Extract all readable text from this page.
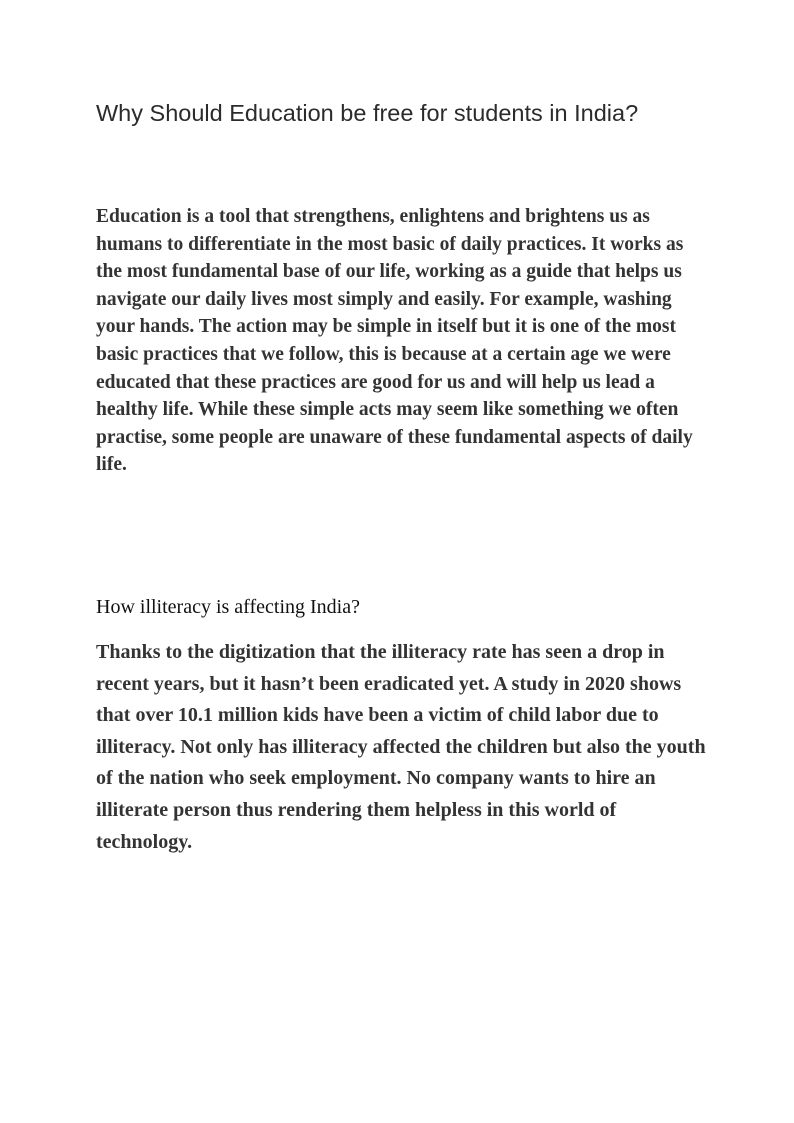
Why Should Education be free for students in India?

Education is a tool that strengthens, enlightens and brightens us as humans to differentiate in the most basic of daily practices. It works as the most fundamental base of our life, working as a guide that helps us navigate our daily lives most simply and easily. For example, washing your hands. The action may be simple in itself but it is one of the most basic practices that we follow, this is because at a certain age we were educated that these practices are good for us and will help us lead a healthy life. While these simple acts may seem like something we often practise, some people are unaware of these fundamental aspects of daily life.

How illiteracy is affecting India?

Thanks to the digitization that the illiteracy rate has seen a drop in recent years, but it hasn’t been eradicated yet. A study in 2020 shows that over 10.1 million kids have been a victim of child labor due to illiteracy. Not only has illiteracy affected the children but also the youth of the nation who seek employment. No company wants to hire an illiterate person thus rendering them helpless in this world of technology.
